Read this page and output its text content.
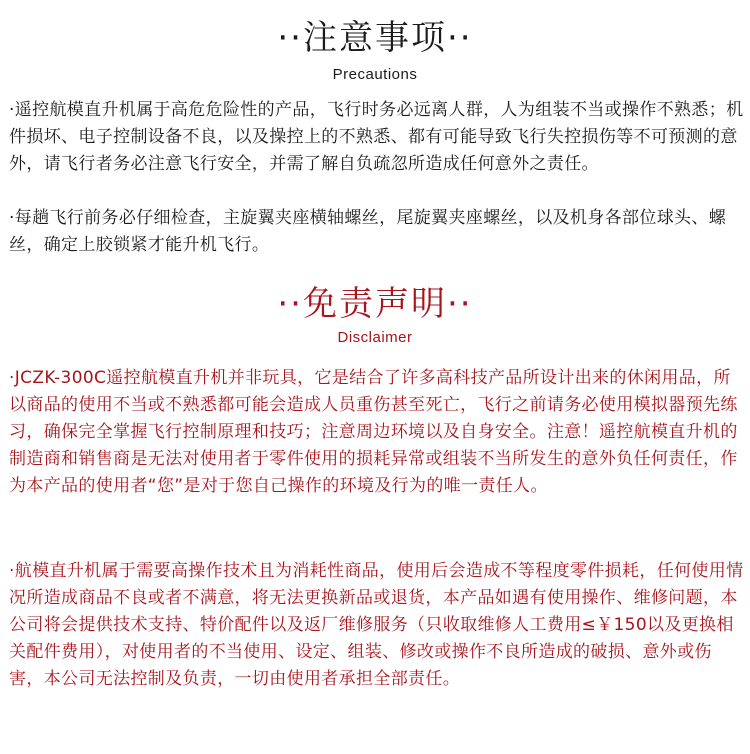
··注意事项··
Precautions

·遥控航模直升机属于高危危险性的产品，飞行时务必远离人群，人为组装不当或操作不熟悉；机件损坏、电子控制设备不良，以及操控上的不熟悉、都有可能导致飞行失控损伤等不可预测的意外，请飞行者务必注意飞行安全，并需了解自负疏忽所造成任何意外之责任。

·每趟飞行前务必仔细检查，主旋翼夹座横轴螺丝，尾旋翼夹座螺丝，以及机身各部位球头、螺丝，确定上胶锁紧才能升机飞行。

··免责声明··
Disclaimer

·JCZK-300C遥控航模直升机并非玩具，它是结合了许多高科技产品所设计出来的休闲用品，所以商品的使用不当或不熟悉都可能会造成人员重伤甚至死亡，飞行之前请务必使用模拟器预先练习，确保完全掌握飞行控制原理和技巧；注意周边环境以及自身安全。注意！遥控航模直升机的制造商和销售商是无法对使用者于零件使用的损耗异常或组装不当所发生的意外负任何责任，作为本产品的使用者“您”是对于您自己操作的环境及行为的唯一责任人。

·航模直升机属于需要高操作技术且为消耗性商品，使用后会造成不等程度零件损耗，任何使用情况所造成商品不良或者不满意，将无法更换新品或退货，本产品如遇有使用操作、维修问题，本公司将会提供技术支持、特价配件以及返厂维修服务（只收取维修人工费用≤￥150以及更换相关配件费用），对使用者的不当使用、设定、组装、修改或操作不良所造成的破损、意外或伤害，本公司无法控制及负责，一切由使用者承担全部责任。
